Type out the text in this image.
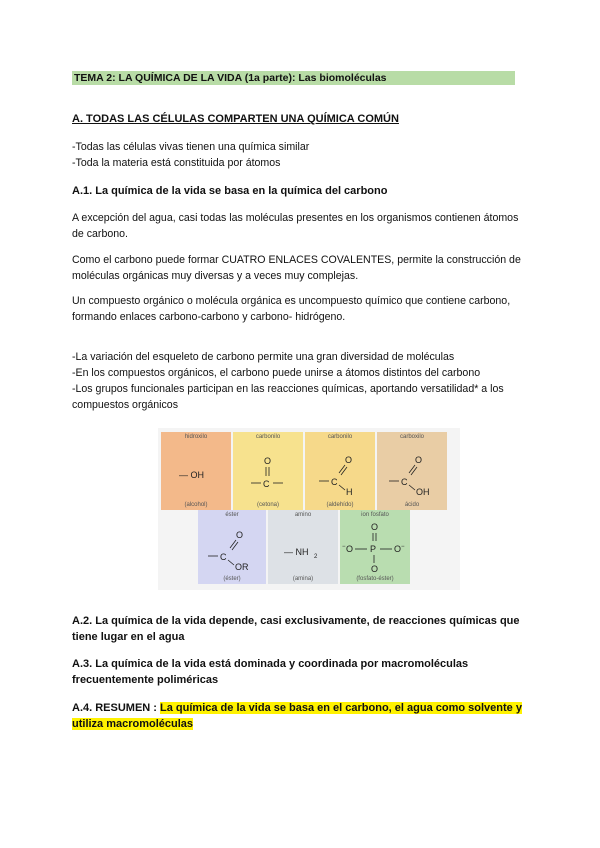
TEMA 2: LA QUÍMICA DE LA VIDA (1a parte): Las biomoléculas
A. TODAS LAS CÉLULAS COMPARTEN UNA QUÍMICA COMÚN

-Todas las células vivas tienen una química similar

-Toda la materia está constituida por átomos

A.1. La química de la vida se basa en la química del carbono

A excepción del agua, casi todas las moléculas presentes en los organismos contienen átomos de carbono.

Como el carbono puede formar CUATRO ENLACES COVALENTES, permite la construcción de moléculas orgánicas muy diversas y a veces muy complejas.

Un compuesto orgánico o molécula orgánica es uncompuesto químico que contiene carbono, formando enlaces carbono-carbono y carbono- hidrógeno.

-La variación del esqueleto de carbono permite una gran diversidad de moléculas

-En los compuestos orgánicos, el carbono puede unirse a átomos distintos del carbono

-Los grupos funcionales participan en las reacciones químicas, aportando versatilidad* a los compuestos orgánicos

hidroxilo
— OH
(alcohol)
carbonilo
O
C
(cetona)
carbonilo
O
C
H
(aldehído)
carboxilo
O
C
OH
ácido
éster
O
C
OR
(éster)
amino
— NH 2
(amina)
ion fosfato
O
O
−	P O −
O
(fosfato-éster)
A.2. La química de la vida depende, casi exclusivamente, de reacciones químicas que tiene lugar en el agua
A.3. La química de la vida está dominada y coordinada por macromoléculas frecuentemente poliméricas
A.4. RESUMEN : La química de la vida se basa en el carbono, el agua como solvente y
utiliza macromoléculas
